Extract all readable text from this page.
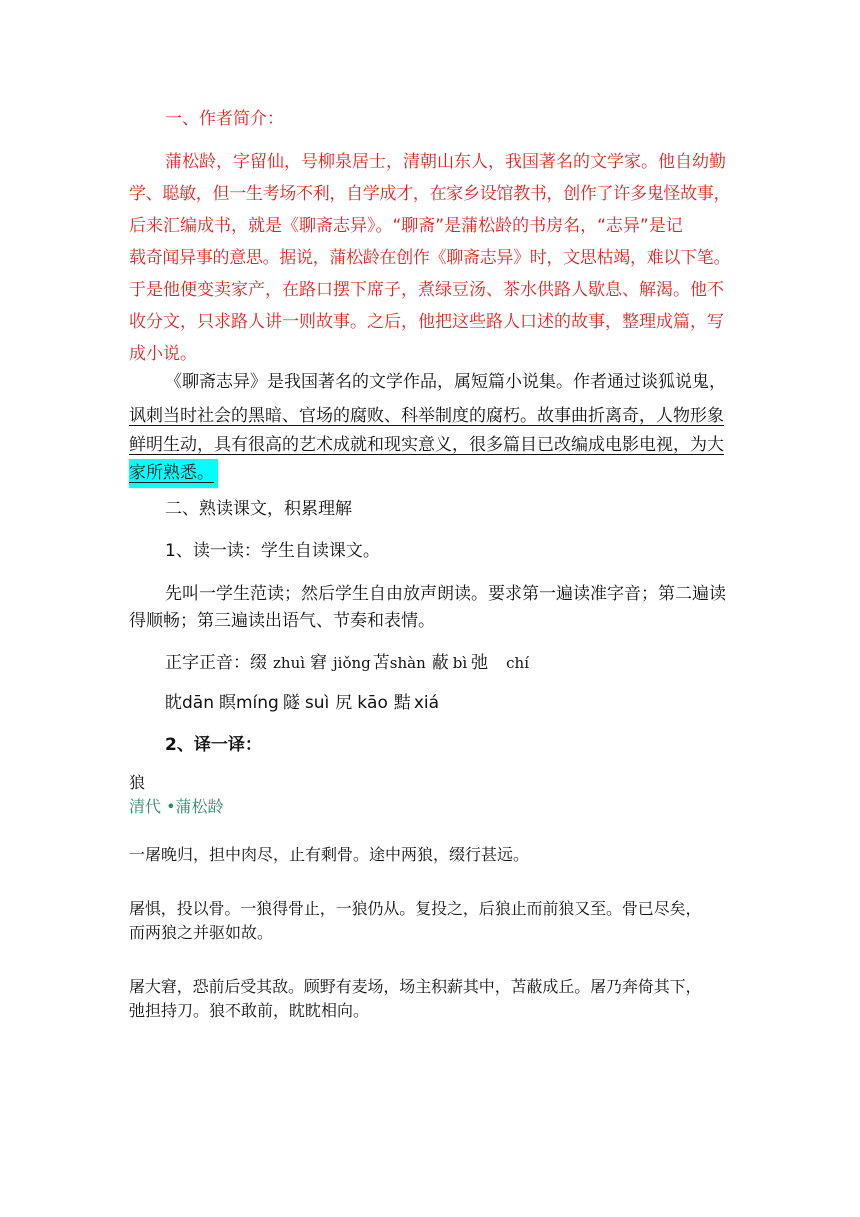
一、作者简介：
蒲松龄，字留仙，号柳泉居士，清朝山东人，我国著名的文学家。他自幼勤
学、聪敏，但一生考场不利，自学成才，在家乡设馆教书，创作了许多鬼怪故事，
后来汇编成书，就是《聊斋志异》。“聊斋”是蒲松龄的书房名，“志异”是记
载奇闻异事的意思。据说，蒲松龄在创作《聊斋志异》时，文思枯竭，难以下笔。
于是他便变卖家产，在路口摆下席子，煮绿豆汤、茶水供路人歇息、解渴。他不
收分文，只求路人讲一则故事。之后，他把这些路人口述的故事，整理成篇，写
成小说。
《聊斋志异》是我国著名的文学作品，属短篇小说集。作者通过谈狐说鬼，
讽刺当时社会的黑暗、官场的腐败、科举制度的腐朽。故事曲折离奇，人物形象
鲜明生动，具有很高的艺术成就和现实意义，很多篇目已改编成电影电视，为大
家所熟悉。
二、熟读课文，积累理解
1、读一读：学生自读课文。
先叫一学生范读；然后学生自由放声朗读。要求第一遍读准字音；第二遍读
得顺畅；第三遍读出语气、节奏和表情。
正字正音：缀 zhuì 窘 jiǒng 苫shàn 蔽 bì 弛 chí
眈dān 瞑míng 隧 suì 尻 kāo 黠 xiá
2、译一译：
狼
清代 •蒲松龄
一屠晚归，担中肉尽，止有剩骨。途中两狼，缀行甚远。
屠惧，投以骨。一狼得骨止，一狼仍从。复投之，后狼止而前狼又至。骨已尽矣，
而两狼之并驱如故。
屠大窘，恐前后受其敌。顾野有麦场，场主积薪其中，苫蔽成丘。屠乃奔倚其下，
弛担持刀。狼不敢前，眈眈相向。
